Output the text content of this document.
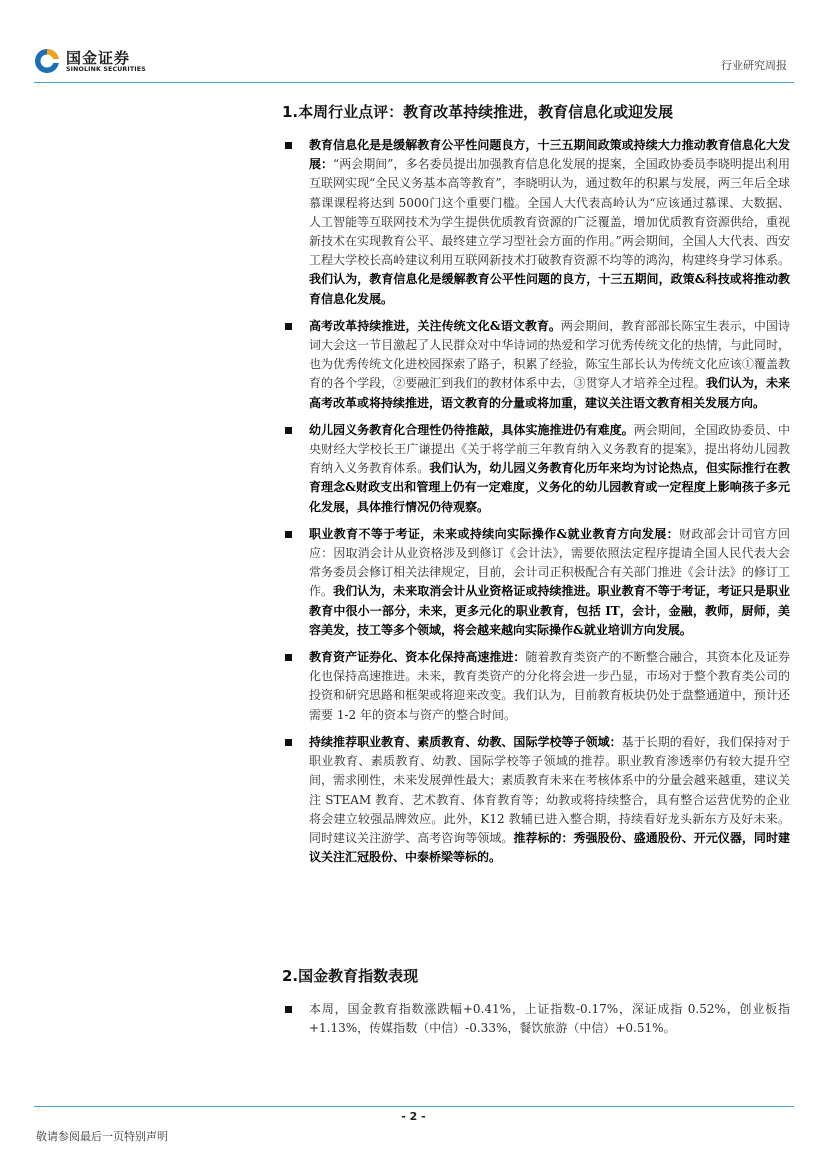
国金证券
SINOLINK SECURITIES	行业研究周报
1.本周行业点评：教育改革持续推进，教育信息化或迎发展

教育信息化是是缓解教育公平性问题良方，十三五期间政策或持续大力推动教育信息化大发展：“两会期间”，多名委员提出加强教育信息化发展的提案，全国政协委员李晓明提出利用互联网实现“全民义务基本高等教育”，李晓明认为，通过数年的积累与发展，两三年后全球慕课课程将达到 5000门这个重要门槛。全国人大代表高岭认为“应该通过慕课、大数据、人工智能等互联网技术为学生提供优质教育资源的广泛覆盖，增加优质教育资源供给，重视新技术在实现教育公平、最终建立学习型社会方面的作用。”两会期间，全国人大代表、西安工程大学校长高岭建议利用互联网新技术打破教育资源不均等的鸿沟，构建终身学习体系。我们认为，教育信息化是缓解教育公平性问题的良方，十三五期间，政策&科技或将推动教育信息化发展。

高考改革持续推进，关注传统文化&语文教育。两会期间，教育部部长陈宝生表示，中国诗词大会这一节目激起了人民群众对中华诗词的热爱和学习优秀传统文化的热情，与此同时，也为优秀传统文化进校园探索了路子，积累了经验，陈宝生部长认为传统文化应该①覆盖教育的各个学段，②要融汇到我们的教材体系中去，③贯穿人才培养全过程。我们认为，未来高考改革或将持续推进，语文教育的分量或将加重，建议关注语文教育相关发展方向。

幼儿园义务教育化合理性仍待推敲，具体实施推进仍有难度。两会期间，全国政协委员、中央财经大学校长王广谦提出《关于将学前三年教育纳入义务教育的提案》，提出将幼儿园教育纳入义务教育体系。我们认为，幼儿园义务教育化历年来均为讨论热点，但实际推行在教育理念&财政支出和管理上仍有一定难度，义务化的幼儿园教育或一定程度上影响孩子多元化发展，具体推行情况仍待观察。

职业教育不等于考证，未来或持续向实际操作&就业教育方向发展：财政部会计司官方回应：因取消会计从业资格涉及到修订《会计法》，需要依照法定程序提请全国人民代表大会常务委员会修订相关法律规定，目前，会计司正积极配合有关部门推进《会计法》的修订工作。我们认为，未来取消会计从业资格证或持续推进。职业教育不等于考证，考证只是职业教育中很小一部分，未来，更多元化的职业教育，包括 IT，会计，金融，教师，厨师，美容美发，技工等多个领域，将会越来越向实际操作&就业培训方向发展。

教育资产证券化、资本化保持高速推进：随着教育类资产的不断整合融合，其资本化及证券化也保持高速推进。未来，教育类资产的分化将会进一步凸显，市场对于整个教育类公司的投资和研究思路和框架或将迎来改变。我们认为，目前教育板块仍处于盘整通道中，预计还需要 1-2 年的资本与资产的整合时间。

持续推荐职业教育、素质教育、幼教、国际学校等子领域：基于长期的看好，我们保持对于职业教育、素质教育、幼教、国际学校等子领域的推荐。职业教育渗透率仍有较大提升空间，需求刚性，未来发展弹性最大；素质教育未来在考核体系中的分量会越来越重，建议关注 STEAM 教育、艺术教育、体育教育等；幼教或将持续整合，具有整合运营优势的企业将会建立较强品牌效应。此外，K12 教辅已进入整合期，持续看好龙头新东方及好未来。同时建议关注游学、高考咨询等领域。推荐标的：秀强股份、盛通股份、开元仪器，同时建议关注汇冠股份、中泰桥梁等标的。

2.国金教育指数表现

本周，国金教育指数涨跌幅+0.41%，上证指数-0.17%，深证成指 0.52%，创业板指+1.13%，传媒指数（中信）-0.33%，餐饮旅游（中信）+0.51%。

- 2 -
敬请参阅最后一页特别声明
